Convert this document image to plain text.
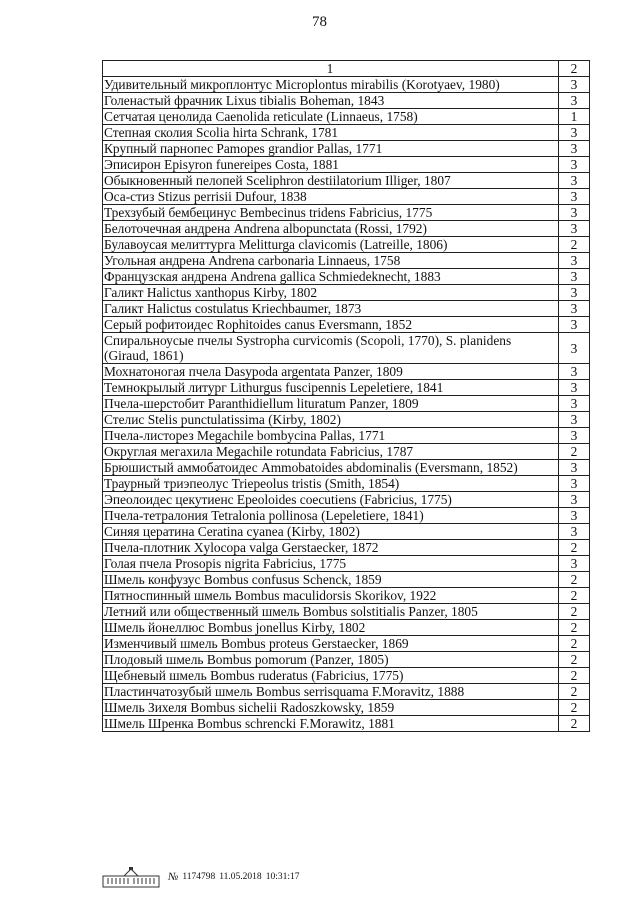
78
1	2
Удивительный микроплонтус Microplontus mirabilis (Korotyaev, 1980)	3
Голенастый фрачник Lixus tibialis Boheman, 1843	3
Сетчатая ценолида Caenolida reticulate (Linnaeus, 1758)	1
Степная сколия Scolia hirta Schrank, 1781	3
Крупный парнопес Pamopes grandior Pallas, 1771	3
Эписирон Episyron funereipes Costa, 1881	3
Обыкновенный пелопей Sceliphron destiilatorium Illiger, 1807	3
Оса-стиз Stizus perrisii Dufour, 1838	3
Трехзубый бембецинус Bembecinus tridens Fabricius, 1775	3
Белоточечная андрена Andrena albopunctata (Rossi, 1792)	3
Булавоусая мелиттурга Melitturga clavicomis (Latreille, 1806)	2
Угольная андрена Andrena carbonaria Linnaeus, 1758	3
Французская андрена Andrena gallica Schmiedeknecht, 1883	3
Галикт Halictus xanthopus Kirby, 1802	3
Галикт Halictus costulatus Kriechbaumer, 1873	3
Серый рофитоидес Rophitoides canus Eversmann, 1852	3
Спиральноусые пчелы Systropha curvicomis (Scopoli, 1770), S. planidens (Giraud, 1861)	3
Мохнатоногая пчела Dasypoda argentata Panzer, 1809	3
Темнокрылый литург Lithurgus fuscipennis Lepeletiere, 1841	3
Пчела-шерстобит Paranthidiellum lituratum Panzer, 1809	3
Стелис Stelis punctulatissima (Kirby, 1802)	3
Пчела-листорез Megachile bombycina Pallas, 1771	3
Округлая мегахила Megachile rotundata Fabricius, 1787	2
Брюшистый аммобатоидес Ammobatoides abdominalis (Eversmann, 1852)	3
Траурный триэпеолус Triepeolus tristis (Smith, 1854)	3
Эпеолоидес цекутиенс Epeoloides coecutiens (Fabricius, 1775)	3
Пчела-тетралония Tetralonia pollinosa (Lepeletiere, 1841)	3
Синяя цератина Ceratina cyanea (Kirby, 1802)	3
Пчела-плотник Xylocopa valga Gerstaecker, 1872	2
Голая пчела Prosopis nigrita Fabricius, 1775	3
Шмель конфузус Bombus confusus Schenck, 1859	2
Пятноспинный шмель Bombus maculidorsis Skorikov, 1922	2
Летний или общественный шмель Bombus solstitialis Panzer, 1805	2
Шмель йонеллюс Bombus jonellus Kirby, 1802	2
Изменчивый шмель Bombus proteus Gerstaecker, 1869	2
Плодовый шмель Bombus pomorum (Panzer, 1805)	2
Щебневый шмель Bombus ruderatus (Fabricius, 1775)	2
Пластинчатозубый шмель Bombus serrisquama F.Moravitz, 1888	2
Шмель Зихеля Bombus sichelii Radoszkowsky, 1859	2
Шмель Шренка Bombus schrencki F.Morawitz, 1881	2
№ 1174798 11.05.2018 10:31:17
